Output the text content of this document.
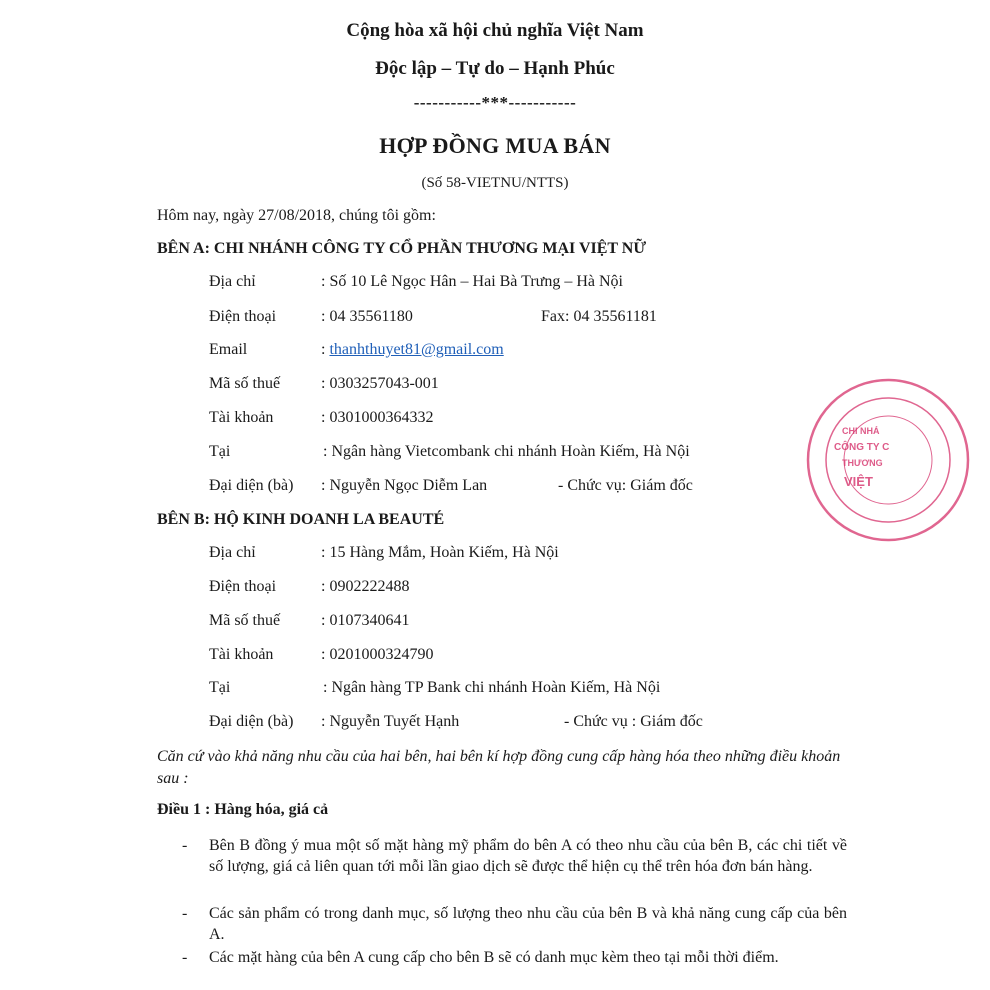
Cộng hòa xã hội chủ nghĩa Việt Nam
Độc lập – Tự do – Hạnh Phúc
-----------***-----------
HỢP ĐỒNG MUA BÁN
(Số 58-VIETNU/NTTS)
Hôm nay, ngày 27/08/2018, chúng tôi gồm:
BÊN A: CHI NHÁNH CÔNG TY CỔ PHẦN THƯƠNG MẠI VIỆT NỮ
Địa chỉ	: Số 10 Lê Ngọc Hân – Hai Bà Trưng – Hà Nội
Điện thoại	: 04 35561180	Fax: 04 35561181
Email	: thanhthuyet81@gmail.com
Mã số thuế	: 0303257043-001
Tài khoản	: 0301000364332
Tại	: Ngân hàng Vietcombank chi nhánh Hoàn Kiếm, Hà Nội
Đại diện (bà) : Nguyễn Ngọc Diễm Lan	- Chức vụ: Giám đốc
BÊN B: HỘ KINH DOANH LA BEAUTÉ
Địa chỉ	: 15 Hàng Mắm, Hoàn Kiếm, Hà Nội
Điện thoại	: 0902222488
Mã số thuế	: 0107340641
Tài khoản	: 0201000324790
Tại	: Ngân hàng TP Bank chi nhánh Hoàn Kiếm, Hà Nội
Đại diện (bà) : Nguyễn Tuyết Hạnh	- Chức vụ : Giám đốc
Căn cứ vào khả năng nhu cầu của hai bên, hai bên kí hợp đồng cung cấp hàng hóa theo những điều khoản sau :
Điều 1 : Hàng hóa, giá cả
- Bên B đồng ý mua một số mặt hàng mỹ phẩm do bên A có theo nhu cầu của bên B, các chi tiết về số lượng, giá cả liên quan tới mỗi lần giao dịch sẽ được thể hiện cụ thể trên hóa đơn bán hàng.
- Các sản phẩm có trong danh mục, số lượng theo nhu cầu của bên B và khả năng cung cấp của bên A.
- Các mặt hàng của bên A cung cấp cho bên B sẽ có danh mục kèm theo tại mỗi thời điểm.
CHI NHÁ
CÔNG TY C
THƯƠNG
VIỆT
